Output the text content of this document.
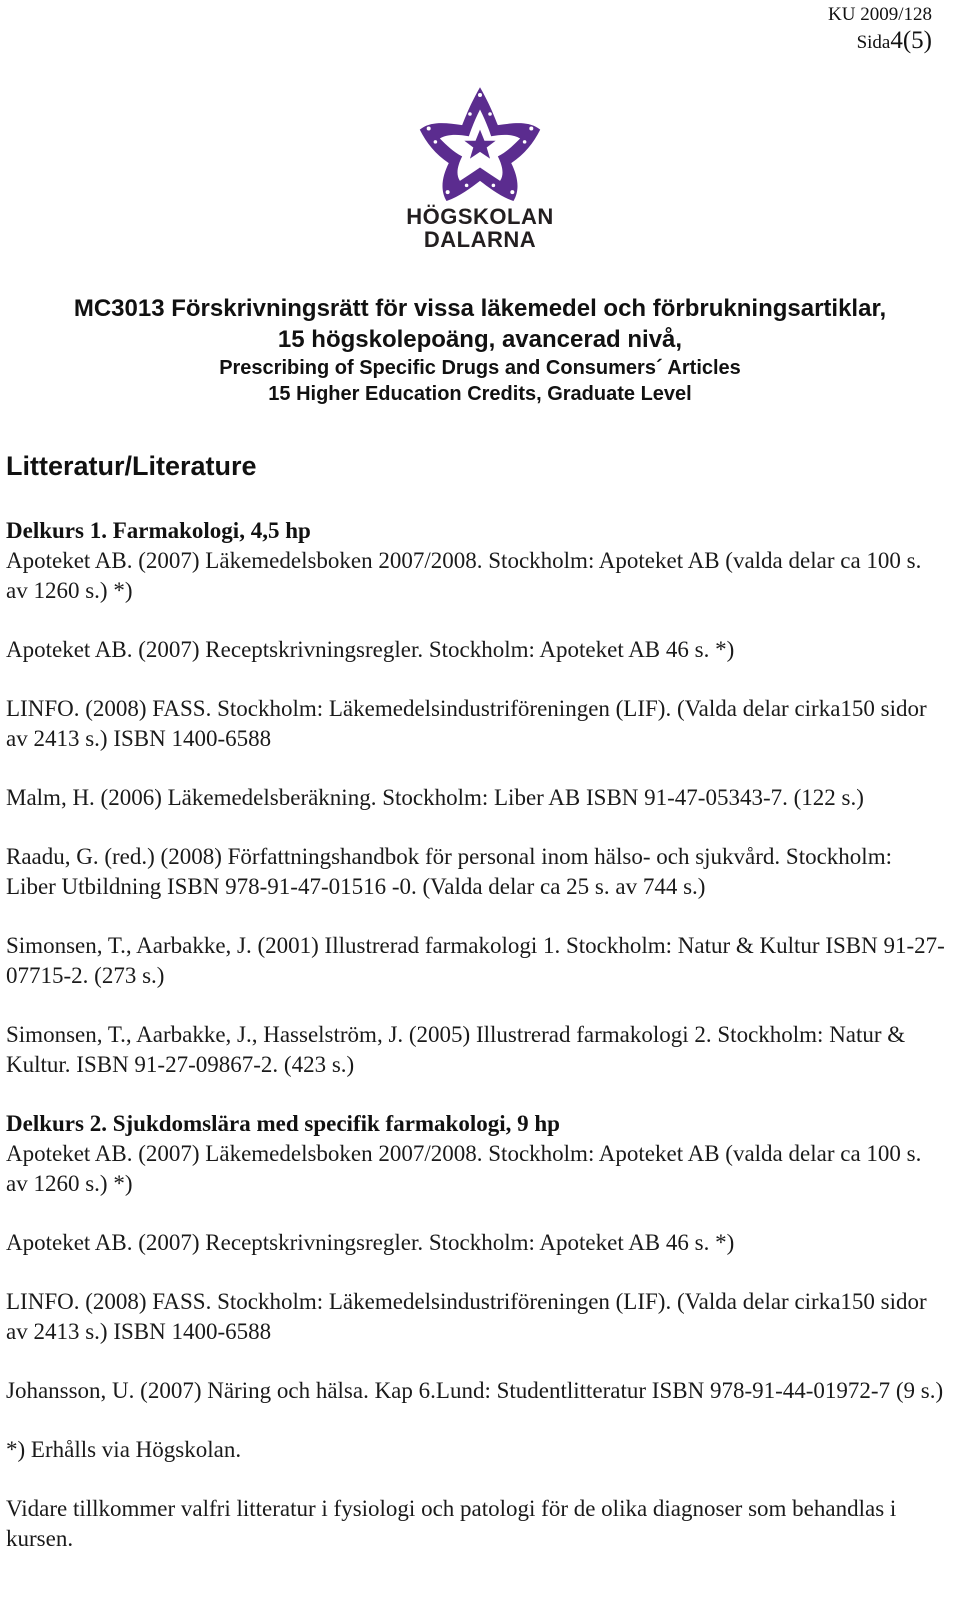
KU 2009/128
Sida4(5)
HÖGSKOLAN
DALARNA
MC3013 Förskrivningsrätt för vissa läkemedel och förbrukningsartiklar,
15 högskolepoäng, avancerad nivå,
Prescribing of Specific Drugs and Consumers´ Articles
15 Higher Education Credits, Graduate Level
Litteratur/Literature

Delkurs 1. Farmakologi, 4,5 hp

Apoteket AB. (2007) Läkemedelsboken 2007/2008. Stockholm: Apoteket AB (valda delar ca 100 s. av 1260 s.) *)

Apoteket AB. (2007) Receptskrivningsregler. Stockholm: Apoteket AB 46 s. *)

LINFO. (2008) FASS. Stockholm: Läkemedelsindustriföreningen (LIF). (Valda delar cirka150 sidor av 2413 s.) ISBN 1400-6588

Malm, H. (2006) Läkemedelsberäkning. Stockholm: Liber AB ISBN 91-47-05343-7. (122 s.)

Raadu, G. (red.) (2008) Författningshandbok för personal inom hälso- och sjukvård. Stockholm: Liber Utbildning ISBN 978-91-47-01516 -0. (Valda delar ca 25 s. av 744 s.)

Simonsen, T., Aarbakke, J. (2001) Illustrerad farmakologi 1. Stockholm: Natur & Kultur ISBN 91-27-07715-2. (273 s.)

Simonsen, T., Aarbakke, J., Hasselström, J. (2005) Illustrerad farmakologi 2. Stockholm: Natur & Kultur. ISBN 91-27-09867-2. (423 s.)

Delkurs 2. Sjukdomslära med specifik farmakologi, 9 hp

Apoteket AB. (2007) Läkemedelsboken 2007/2008. Stockholm: Apoteket AB (valda delar ca 100 s. av 1260 s.) *)

Apoteket AB. (2007) Receptskrivningsregler. Stockholm: Apoteket AB 46 s. *)

LINFO. (2008) FASS. Stockholm: Läkemedelsindustriföreningen (LIF). (Valda delar cirka150 sidor av 2413 s.) ISBN 1400-6588

Johansson, U. (2007) Näring och hälsa. Kap 6.Lund: Studentlitteratur ISBN 978-91-44-01972-7 (9 s.)

*) Erhålls via Högskolan.

Vidare tillkommer valfri litteratur i fysiologi och patologi för de olika diagnoser som behandlas i kursen.
